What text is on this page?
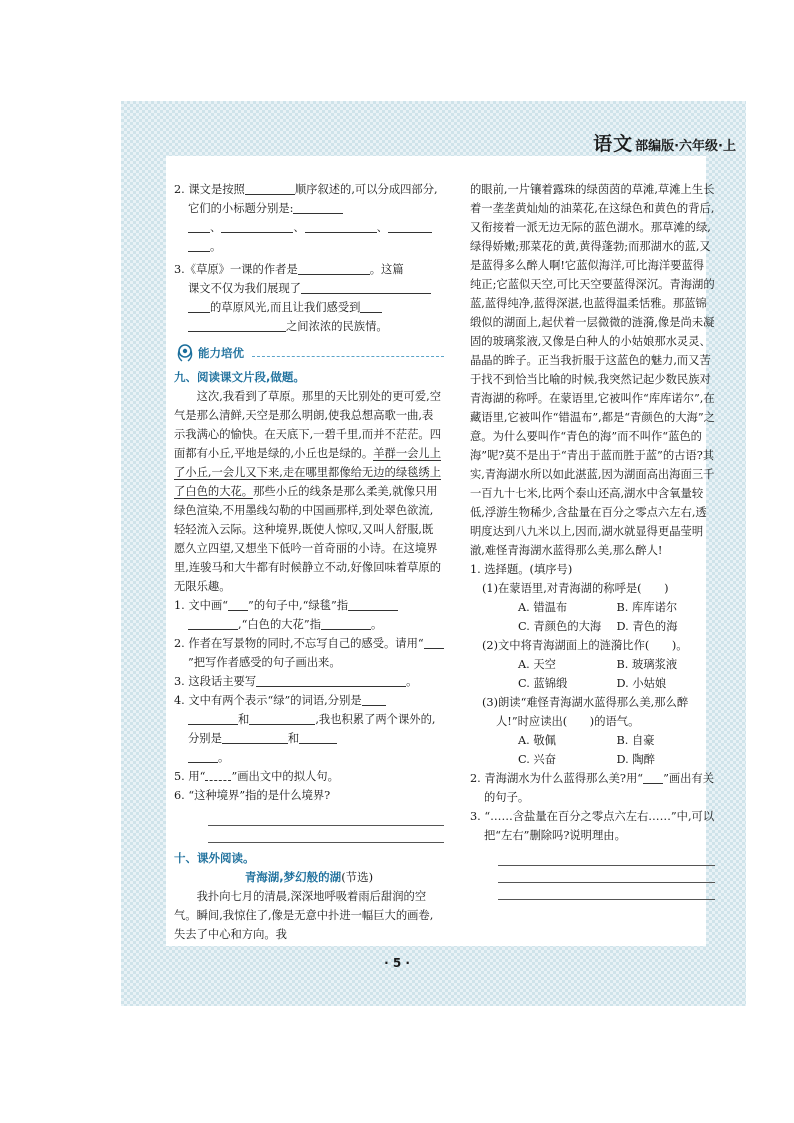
语文 部编版·六年级·上
2. 课文是按照	顺序叙述的,可以分成四部分,它们的小标题分别是:
、	、	、
。
3.《草原》一课的作者是	。这篇
课文不仅为我们展现了
的草原风光,而且让我们感受到
之间浓浓的民族情。
能力培优
九、阅读课文片段,做题。
这次,我看到了草原。那里的天比别处的更可爱,空气是那么清鲜,天空是那么明朗,使我总想高歌一曲,表示我满心的愉快。在天底下,一碧千里,而并不茫茫。四面都有小丘,平地是绿的,小丘也是绿的。羊群一会儿上了小丘,一会儿又下来,走在哪里都像给无边的绿毯绣上了白色的大花。那些小丘的线条是那么柔美,就像只用绿色渲染,不用墨线勾勒的中国画那样,到处翠色欲流,轻轻流入云际。这种境界,既使人惊叹,又叫人舒服,既愿久立四望,又想坐下低吟一首奇丽的小诗。在这境界里,连骏马和大牛都有时候静立不动,好像回味着草原的无限乐趣。
1. 文中画“ ”的句子中,“绿毯”指
,“白色的大花”指	。
2. 作者在写景物的同时,不忘写自己的感受。请用“”把写作者感受的句子画出来。
3. 这段话主要写	。
4. 文中有两个表示“绿”的词语,分别是
和	,我也积累了两个课外的,分别是	和
。
5. 用“ ”画出文中的拟人句。
6. “这种境界”指的是什么境界?
十、课外阅读。
青海湖,梦幻般的湖(节选)
我扑向七月的清晨,深深地呼吸着雨后甜润的空气。瞬间,我惊住了,像是无意中扑进一幅巨大的画卷,失去了中心和方向。我
的眼前,一片镶着露珠的绿茵茵的草滩,草滩上生长着一垄垄黄灿灿的油菜花,在这绿色和黄色的背后,又衔接着一派无边无际的蓝色湖水。那草滩的绿,绿得娇嫩;那菜花的黄,黄得蓬勃;而那湖水的蓝,又是蓝得多么醉人啊!它蓝似海洋,可比海洋要蓝得纯正;它蓝似天空,可比天空要蓝得深沉。青海湖的蓝,蓝得纯净,蓝得深湛,也蓝得温柔恬雅。那蓝锦缎似的湖面上,起伏着一层微微的涟漪,像是尚未凝固的玻璃浆液,又像是白种人的小姑娘那水灵灵、晶晶的眸子。正当我折服于这蓝色的魅力,而又苦于找不到恰当比喻的时候,我突然记起少数民族对青海湖的称呼。在蒙语里,它被叫作“库库诺尔”,在藏语里,它被叫作“错温布”,都是“青颜色的大海”之意。为什么要叫作“青色的海”而不叫作“蓝色的海”呢?莫不是出于“青出于蓝而胜于蓝”的古语?其实,青海湖水所以如此湛蓝,因为湖面高出海面三千一百九十七米,比两个泰山还高,湖水中含氧量较低,浮游生物稀少,含盐量在百分之零点六左右,透明度达到八九米以上,因而,湖水就显得更晶莹明澈,难怪青海湖水蓝得那么美,那么醉人!
1. 选择题。(填序号)
(1)在蒙语里,对青海湖的称呼是(　　)
A. 错温布	B. 库库诺尔
C. 青颜色的大海	D. 青色的海
(2)文中将青海湖面上的涟漪比作(　　)。
A. 天空	B. 玻璃浆液
C. 蓝锦缎	D. 小姑娘
(3)朗读“难怪青海湖水蓝得那么美,那么醉人!”时应读出(　　)的语气。
A. 敬佩	B. 自豪
C. 兴奋	D. 陶醉
2. 青海湖水为什么蓝得那么美?用“ ”画出有关的句子。
3. “……含盐量在百分之零点六左右……”中,可以把“左右”删除吗?说明理由。
· 5 ·
